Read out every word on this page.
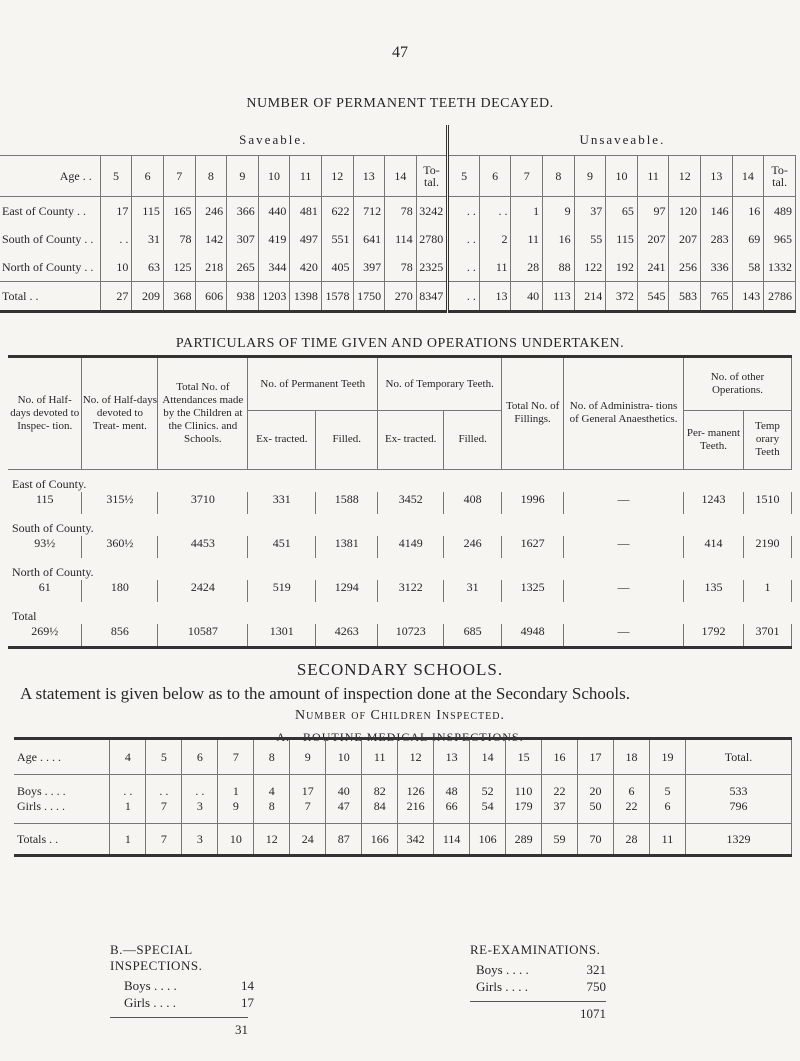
47
NUMBER OF PERMANENT TEETH DECAYED.
	Saveable.											Unsaveable.										
Age . .	5	6	7	8	9	10	11	12	13	14	To- tal.	5	6	7	8	9	10	11	12	13	14	To- tal.
East of County . .	17	115	165	246	366	440	481	622	712	78	3242	. .	. .	1	9	37	65	97	120	146	16	489
South of County . .	. .	31	78	142	307	419	497	551	641	114	2780	. .	2	11	16	55	115	207	207	283	69	965
North of County . .	10	63	125	218	265	344	420	405	397	78	2325	. .	11	28	88	122	192	241	256	336	58	1332
Total . .	27	209	368	606	938	1203	1398	1578	1750	270	8347	. .	13	40	113	214	372	545	583	765	143	2786
PARTICULARS OF TIME GIVEN AND OPERATIONS UNDERTAKEN.
No. of Half-days devoted to Inspec- tion.	No. of Half-days devoted to Treat- ment.	Total No. of Attendances made by the Children at the Clinics. and Schools.	No. of Permanent Teeth		No. of Temporary Teeth.		Total No. of Fillings.	No. of Administra- tions of General Anaesthetics.	No. of other Operations.	
			Ex- tracted.	Filled.	Ex- tracted.	Filled.			Per- manent Teeth.	Temp orary Teeth

East of County.										
115	315½	3710	331	1588	3452	408	1996	—	1243	1510
South of County.										
93½	360½	4453	451	1381	4149	246	1627	—	414	2190
North of County.										
61	180	2424	519	1294	3122	31	1325	—	135	1
Total										
269½	856	10587	1301	4263	10723	685	4948	—	1792	3701
SECONDARY SCHOOLS.
A statement is given below as to the amount of inspection done at the Secondary Schools.
Number of Children Inspected.
A.—ROUTINE MEDICAL INSPECTIONS.
Age . . . .	4	5	6	7	8	9	10	11	12	13	14	15	16	17	18	19	Total.
Boys . . . .	. .	. .	. .	1	4	17	40	82	126	48	52	110	22	20	6	5	533
Girls . . . .	1	7	3	9	8	7	47	84	216	66	54	179	37	50	22	6	796
Totals . .	1	7	3	10	12	24	87	166	342	114	106	289	59	70	28	11	1329
B.—SPECIAL INSPECTIONS.
Boys . . . .	14
Girls . . . .	17
31
RE-EXAMINATIONS.
Boys . . . .	321
Girls . . . .	750
1071
